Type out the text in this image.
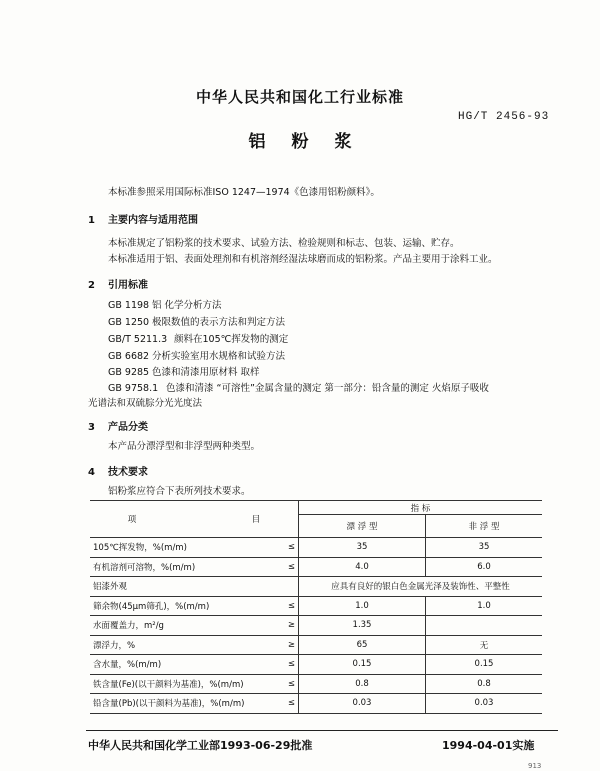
中华人民共和国化工行业标准
HG/T 2456-93
铝粉浆
本标准参照采用国际标准ISO 1247—1974《色漆用铝粉颜料》。
1 主要内容与适用范围
本标准规定了铝粉浆的技术要求、试验方法、检验规则和标志、包装、运输、贮存。
本标准适用于铝、表面处理剂和有机溶剂经湿法球磨而成的铝粉浆。产品主要用于涂料工业。
2 引用标准
GB 1198 铝 化学分析方法
GB 1250 极限数值的表示方法和判定方法
GB/T 5211.3 颜料在105℃挥发物的测定
GB 6682 分析实验室用水规格和试验方法
GB 9285 色漆和清漆用原材料 取样
GB 9758.1 色漆和清漆 “可溶性”金属含量的测定 第一部分：铅含量的测定 火焰原子吸收
光谱法和双硫腙分光光度法
3 产品分类
本产品分漂浮型和非浮型两种类型。
4 技术要求
铝粉浆应符合下表所列技术要求。
项 目		指 标	
		漂 浮 型	非 浮 型
105℃挥发物，%(m/m)	≤	35	35
有机溶剂可溶物，%(m/m)	≤	4.0	6.0
铝漆外观		应具有良好的银白色金属光泽及装饰性、平整性	
筛余物(45μm筛孔)，%(m/m)	≤	1.0	1.0
水面覆盖力，m²/g	≥	1.35	
漂浮力，%	≥	65	无
含水量，%(m/m)	≤	0.15	0.15
铁含量(Fe)(以干颜料为基准)，%(m/m)	≤	0.8	0.8
铅含量(Pb)(以干颜料为基准)，%(m/m)	≤	0.03	0.03
中华人民共和国化学工业部1993-06-29批准	1994-04-01实施
913
